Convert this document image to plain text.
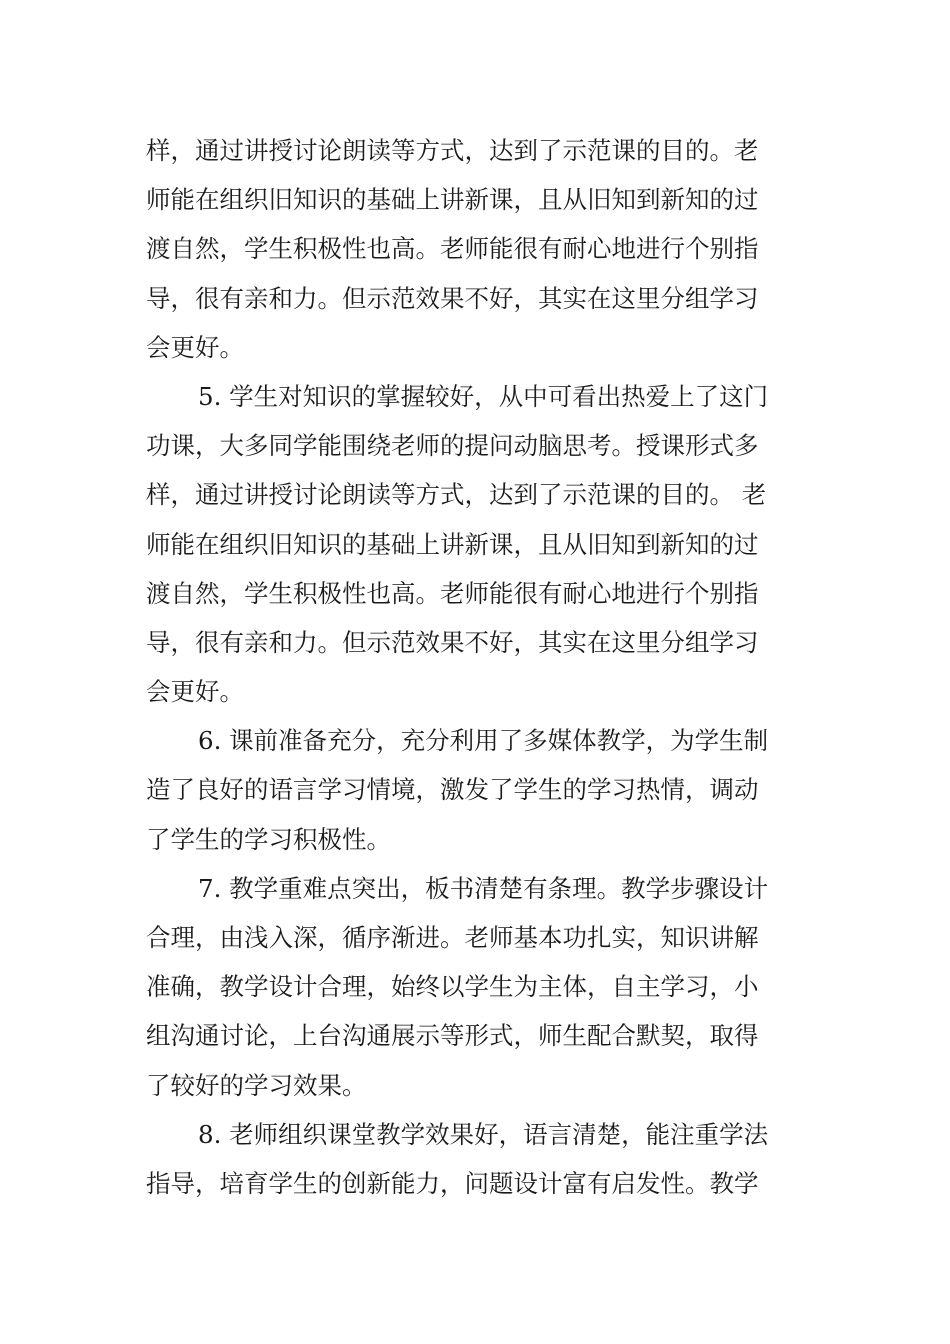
样，通过讲授讨论朗读等方式，达到了示范课的目的。老
师能在组织旧知识的基础上讲新课，且从旧知到新知的过
渡自然，学生积极性也高。老师能很有耐心地进行个别指
导，很有亲和力。但示范效果不好，其实在这里分组学习
会更好。
5. 学生对知识的掌握较好，从中可看出热爱上了这门
功课，大多同学能围绕老师的提问动脑思考。授课形式多
样，通过讲授讨论朗读等方式，达到了示范课的目的。 老
师能在组织旧知识的基础上讲新课，且从旧知到新知的过
渡自然，学生积极性也高。老师能很有耐心地进行个别指
导，很有亲和力。但示范效果不好，其实在这里分组学习
会更好。
6. 课前准备充分，充分利用了多媒体教学，为学生制
造了良好的语言学习情境，激发了学生的学习热情，调动
了学生的学习积极性。
7. 教学重难点突出，板书清楚有条理。教学步骤设计
合理，由浅入深，循序渐进。老师基本功扎实，知识讲解
准确，教学设计合理，始终以学生为主体，自主学习，小
组沟通讨论，上台沟通展示等形式，师生配合默契，取得
了较好的学习效果。
8. 老师组织课堂教学效果好，语言清楚，能注重学法
指导，培育学生的创新能力，问题设计富有启发性。教学
